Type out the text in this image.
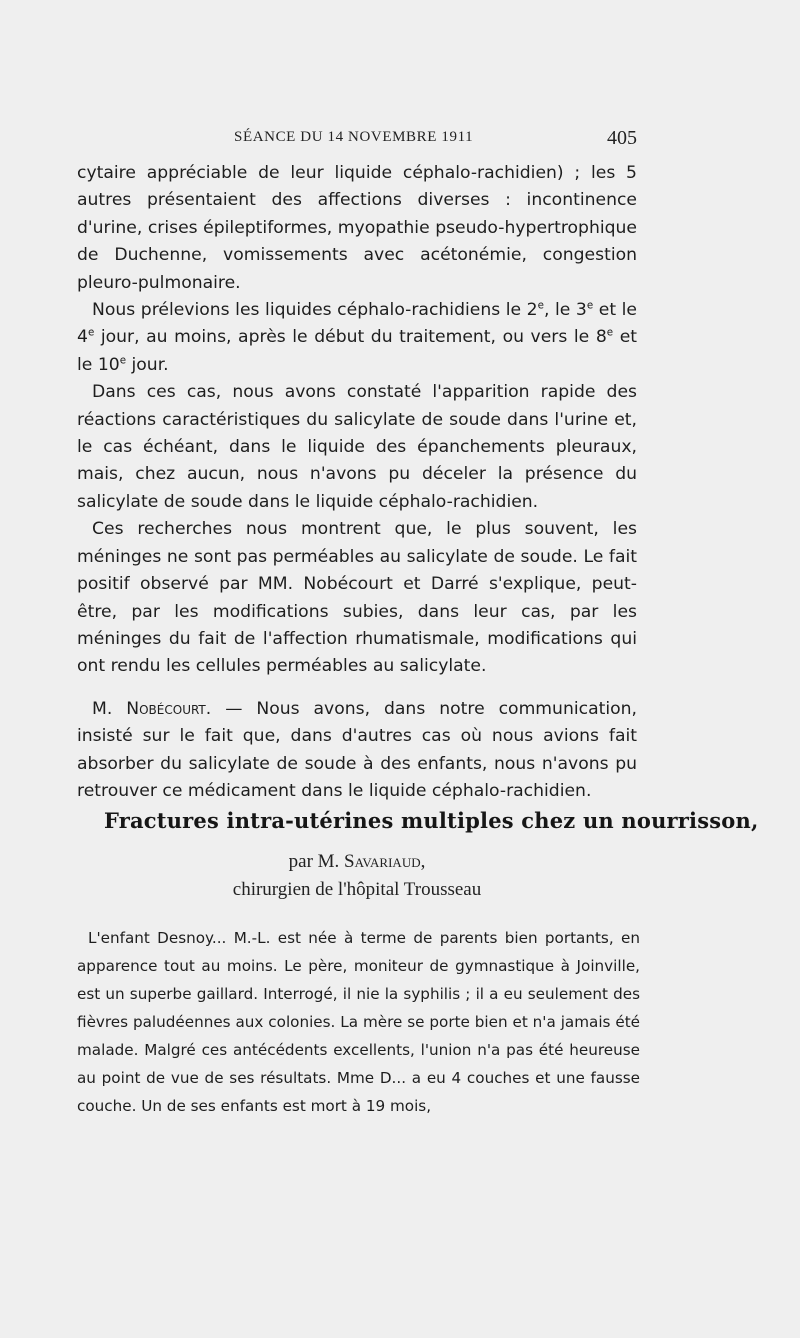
SÉANCE DU 14 NOVEMBRE 1911	405

cytaire appréciable de leur liquide céphalo-rachidien) ; les 5 autres présentaient des affections diverses : incontinence d'urine, crises épileptiformes, myopathie pseudo-hypertrophique de Duchenne, vomissements avec acétonémie, congestion pleuro-pulmonaire.

Nous prélevions les liquides céphalo-rachidiens le 2e, le 3e et le 4e jour, au moins, après le début du traitement, ou vers le 8e et le 10e jour.

Dans ces cas, nous avons constaté l'apparition rapide des réactions caractéristiques du salicylate de soude dans l'urine et, le cas échéant, dans le liquide des épanchements pleuraux, mais, chez aucun, nous n'avons pu déceler la présence du salicylate de soude dans le liquide céphalo-rachidien.

Ces recherches nous montrent que, le plus souvent, les méninges ne sont pas perméables au salicylate de soude. Le fait positif observé par MM. Nobécourt et Darré s'explique, peut-être, par les modifications subies, dans leur cas, par les méninges du fait de l'affection rhumatismale, modifications qui ont rendu les cellules perméables au salicylate.

M. Nobécourt. — Nous avons, dans notre communication, insisté sur le fait que, dans d'autres cas où nous avions fait absorber du salicylate de soude à des enfants, nous n'avons pu retrouver ce médicament dans le liquide céphalo-rachidien.

Fractures intra-utérines multiples chez un nourrisson,
par M. Savariaud,
chirurgien de l'hôpital Trousseau

L'enfant Desnoy... M.-L. est née à terme de parents bien portants, en apparence tout au moins. Le père, moniteur de gymnastique à Joinville, est un superbe gaillard. Interrogé, il nie la syphilis ; il a eu seulement des fièvres paludéennes aux colonies. La mère se porte bien et n'a jamais été malade. Malgré ces antécédents excellents, l'union n'a pas été heureuse au point de vue de ses résultats. Mme D... a eu 4 couches et une fausse couche. Un de ses enfants est mort à 19 mois,
